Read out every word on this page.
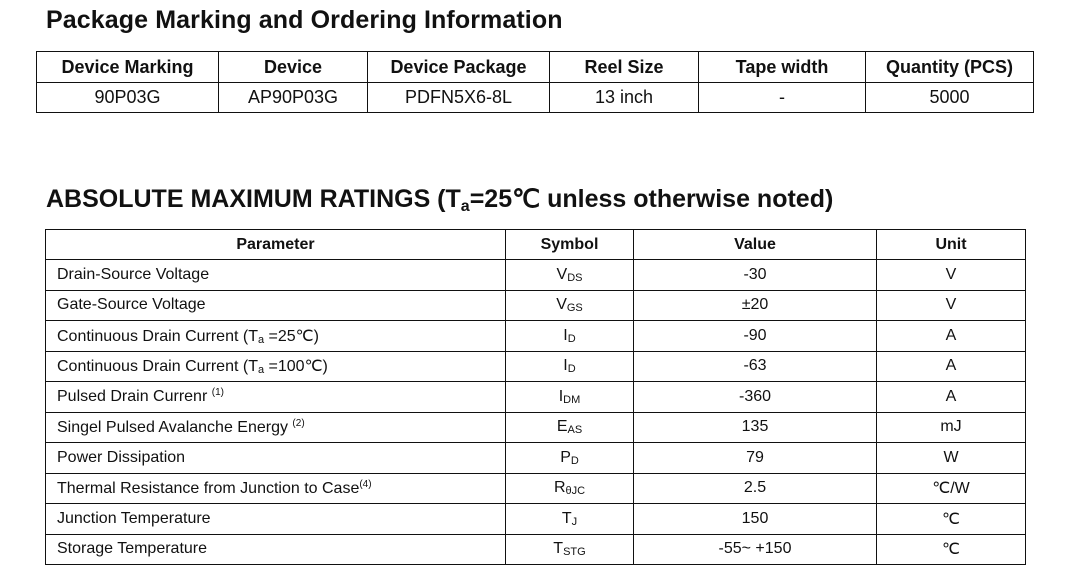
Package Marking and Ordering Information
Device Marking	Device	Device Package	Reel Size	Tape width	Quantity (PCS)
90P03G	AP90P03G	PDFN5X6-8L	13 inch	-	5000
ABSOLUTE MAXIMUM RATINGS ($T_a=25℃$ unless otherwise noted)
Parameter	Symbol	Value	Unit
Drain-Source Voltage	VDS	-30	V
Gate-Source Voltage	VGS	±20	V
Continuous Drain Current (Ta =25℃)	ID	-90	A
Continuous Drain Current (Ta =100℃)	ID	-63	A
Pulsed Drain Currenr $^{(1)}$	IDM	-360	A
Singel Pulsed Avalanche Energy $^{(2)}$	EAS	135	mJ
Power Dissipation	PD	79	W
Thermal Resistance from Junction to Case$^{(4)}$	RθJC	2.5	℃/W
Junction Temperature	TJ	150	℃
Storage Temperature	TSTG	-55~ +150	℃
